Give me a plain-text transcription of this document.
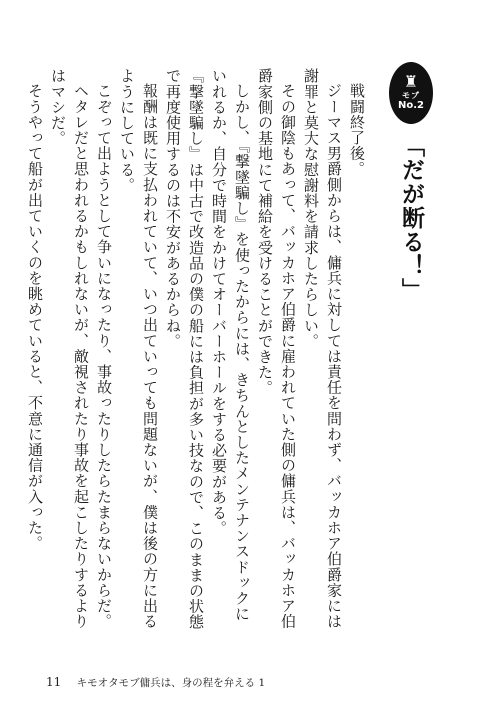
♜
モブ
No.2
「だが断る！」

戦闘終了後。

ジーマス男爵側からは、傭兵に対しては責任を問わず、バッカホア伯爵家には謝罪と莫大な慰謝料を請求したらしい。

その御陰もあって、バッカホア伯爵に雇われていた側の傭兵は、バッカホア伯爵家側の基地にて補給を受けることができた。

しかし、『撃墜騙し』を使ったからには、きちんとしたメンテナンスドックにいれるか、自分で時間をかけてオーバーホールをする必要がある。

『撃墜騙し』は中古で改造品の僕の船には負担が多い技なので、このままの状態で再度使用するのは不安があるからね。

報酬は既に支払われていて、いつ出ていっても問題ないが、僕は後の方に出るようにしている。

こぞって出ようとして争いになったり、事故ったりしたらたまらないからだ。

ヘタレだと思われるかもしれないが、敵視されたり事故を起こしたりするよりはマシだ。

そうやって船が出ていくのを眺めていると、不意に通信が入った。

11 キモオタモブ傭兵は、身の程を弁える 1
